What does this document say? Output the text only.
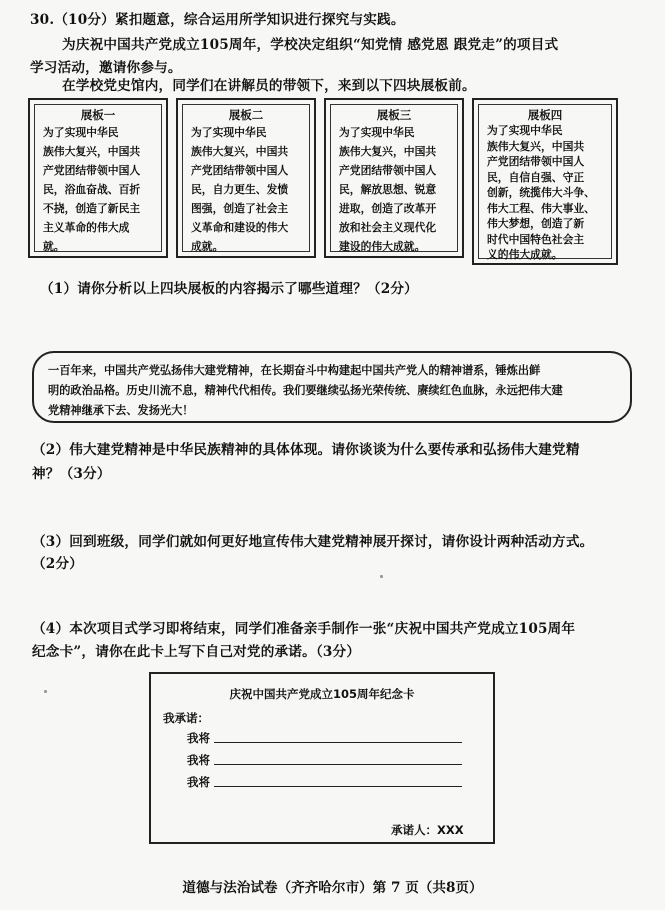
30.（10分）紧扣题意，综合运用所学知识进行探究与实践。
为庆祝中国共产党成立105周年，学校决定组织“知党情 感党恩 跟党走”的项目式
学习活动，邀请你参与。
在学校党史馆内，同学们在讲解员的带领下，来到以下四块展板前。
展板一
为了实现中华民
族伟大复兴，中国共
产党团结带领中国人
民，浴血奋战、百折
不挠，创造了新民主
主义革命的伟大成
就。
展板二
为了实现中华民
族伟大复兴，中国共
产党团结带领中国人
民，自力更生、发愤
图强，创造了社会主
义革命和建设的伟大
成就。
展板三
为了实现中华民
族伟大复兴，中国共
产党团结带领中国人
民，解放思想、锐意
进取，创造了改革开
放和社会主义现代化
建设的伟大成就。
展板四
为了实现中华民
族伟大复兴，中国共
产党团结带领中国人
民，自信自强、守正
创新，统揽伟大斗争、
伟大工程、伟大事业、
伟大梦想，创造了新
时代中国特色社会主
义的伟大成就。
（1）请你分析以上四块展板的内容揭示了哪些道理？（2分）
一百年来，中国共产党弘扬伟大建党精神，在长期奋斗中构建起中国共产党人的精神谱系，锤炼出鲜
明的政治品格。历史川流不息，精神代代相传。我们要继续弘扬光荣传统、赓续红色血脉，永远把伟大建
党精神继承下去、发扬光大！
（2）伟大建党精神是中华民族精神的具体体现。请你谈谈为什么要传承和弘扬伟大建党精
神？（3分）
（3）回到班级，同学们就如何更好地宣传伟大建党精神展开探讨，请你设计两种活动方式。
（2分）
（4）本次项目式学习即将结束，同学们准备亲手制作一张“庆祝中国共产党成立105周年
纪念卡”，请你在此卡上写下自己对党的承诺。（3分）
庆祝中国共产党成立105周年纪念卡
我承诺：
我将
我将
我将
承诺人：XXX
道德与法治试卷（齐齐哈尔市）第 7 页（共8页）
